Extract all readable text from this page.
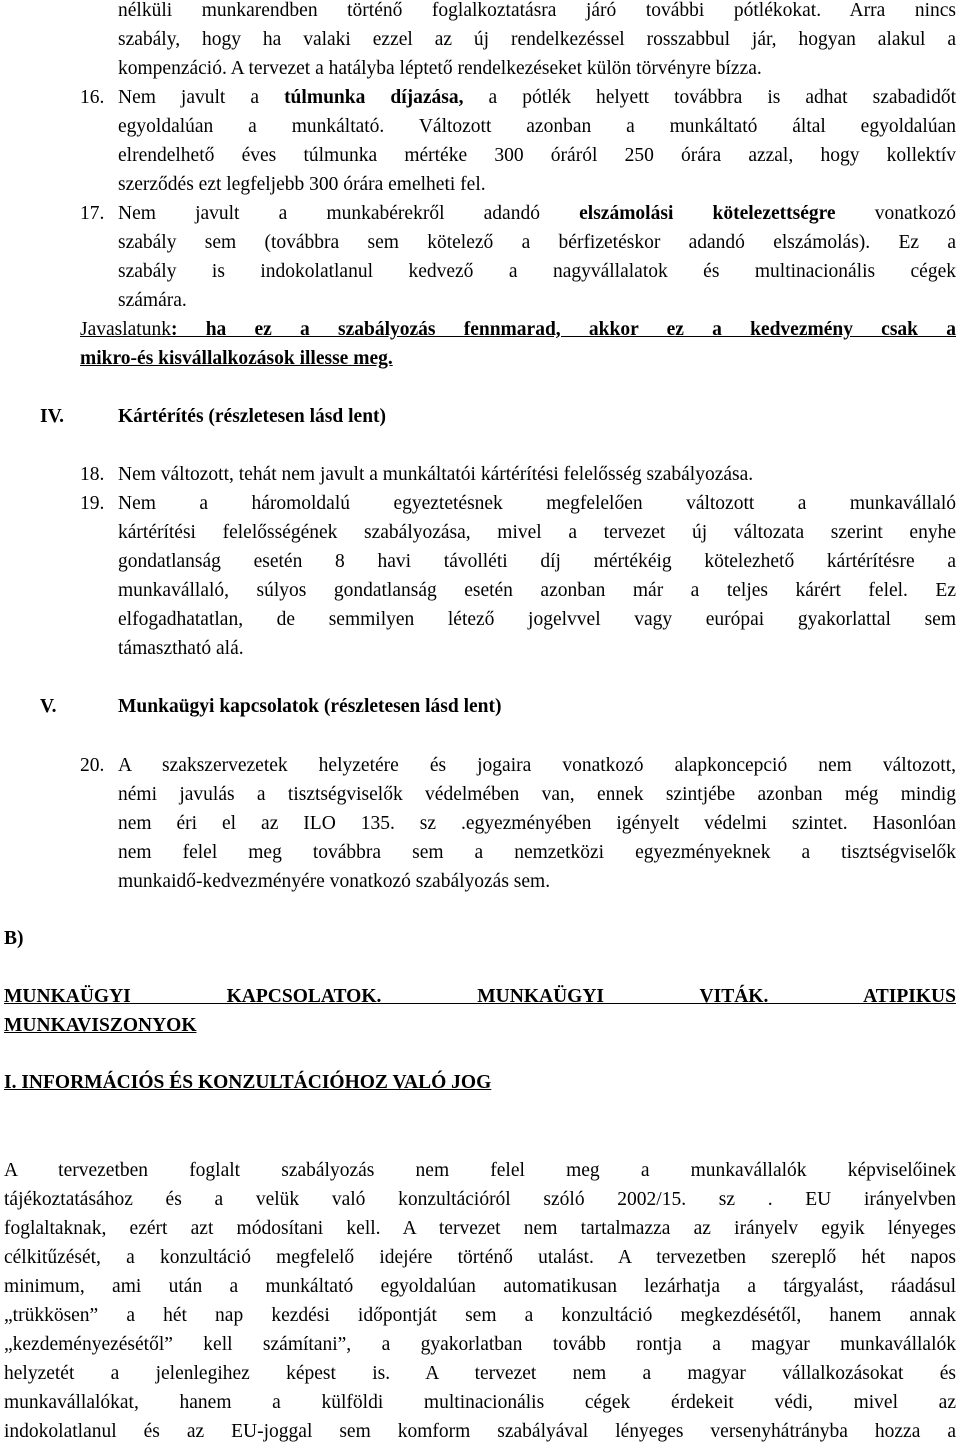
nélküli munkarendben történő foglalkoztatásra járó további pótlékokat. Arra nincs
szabály, hogy ha valaki ezzel az új rendelkezéssel rosszabbul jár, hogyan alakul a
kompenzáció. A tervezet a hatályba léptető rendelkezéseket külön törvényre bízza.
16. Nem javult a túlmunka díjazása, a pótlék helyett továbbra is adhat szabadidőt
egyoldalúan a munkáltató. Változott azonban a munkáltató által egyoldalúan
elrendelhető éves túlmunka mértéke 300 óráról 250 órára azzal, hogy kollektív
szerződés ezt legfeljebb 300 órára emelheti fel.
17. Nem javult a munkabérekről adandó elszámolási kötelezettségre vonatkozó
szabály sem (továbbra sem kötelező a bérfizetéskor adandó elszámolás). Ez a
szabály is indokolatlanul kedvező a nagyvállalatok és multinacionális cégek
számára.
Javaslatunk: ha ez a szabályozás fennmarad, akkor ez a kedvezmény csak a
mikro-és kisvállalkozások illesse meg.
IV.	Kártérítés (részletesen lásd lent)
18. Nem változott, tehát nem javult a munkáltatói kártérítési felelősség szabályozása.
19. Nem a háromoldalú egyeztetésnek megfelelően változott a munkavállaló
kártérítési felelősségének szabályozása, mivel a tervezet új változata szerint enyhe
gondatlanság esetén 8 havi távolléti díj mértékéig kötelezhető kártérítésre a
munkavállaló, súlyos gondatlanság esetén azonban már a teljes kárért felel. Ez
elfogadhatatlan, de semmilyen létező jogelvvel vagy európai gyakorlattal sem
támasztható alá.
V.	Munkaügyi kapcsolatok (részletesen lásd lent)
20. A szakszervezetek helyzetére és jogaira vonatkozó alapkoncepció nem változott,
némi javulás a tisztségviselők védelmében van, ennek szintjébe azonban még mindig
nem éri el az ILO 135. sz .egyezményében igényelt védelmi szintet. Hasonlóan
nem felel meg továbbra sem a nemzetközi egyezményeknek a tisztségviselők
munkaidő-kedvezményére vonatkozó szabályozás sem.
B)
MUNKAÜGYI KAPCSOLATOK. MUNKAÜGYI VITÁK. ATIPIKUS
MUNKAVISZONYOK
I. INFORMÁCIÓS ÉS KONZULTÁCIÓHOZ VALÓ JOG
A tervezetben foglalt szabályozás nem felel meg a munkavállalók képviselőinek
tájékoztatásához és a velük való konzultációról szóló 2002/15. sz . EU irányelvben
foglaltaknak, ezért azt módosítani kell. A tervezet nem tartalmazza az irányelv egyik lényeges
célkitűzését, a konzultáció megfelelő idejére történő utalást. A tervezetben szereplő hét napos
minimum, ami után a munkáltató egyoldalúan automatikusan lezárhatja a tárgyalást, ráadásul
„trükkösen” a hét nap kezdési időpontját sem a konzultáció megkezdésétől, hanem annak
„kezdeményezésétől” kell számítani”, a gyakorlatban tovább rontja a magyar munkavállalók
helyzetét a jelenlegihez képest is. A tervezet nem a magyar vállalkozásokat és
munkavállalókat, hanem a külföldi multinacionális cégek érdekeit védi, mivel az
indokolatlanul és az EU-joggal sem komform szabályával lényeges versenyhátrányba hozza a
